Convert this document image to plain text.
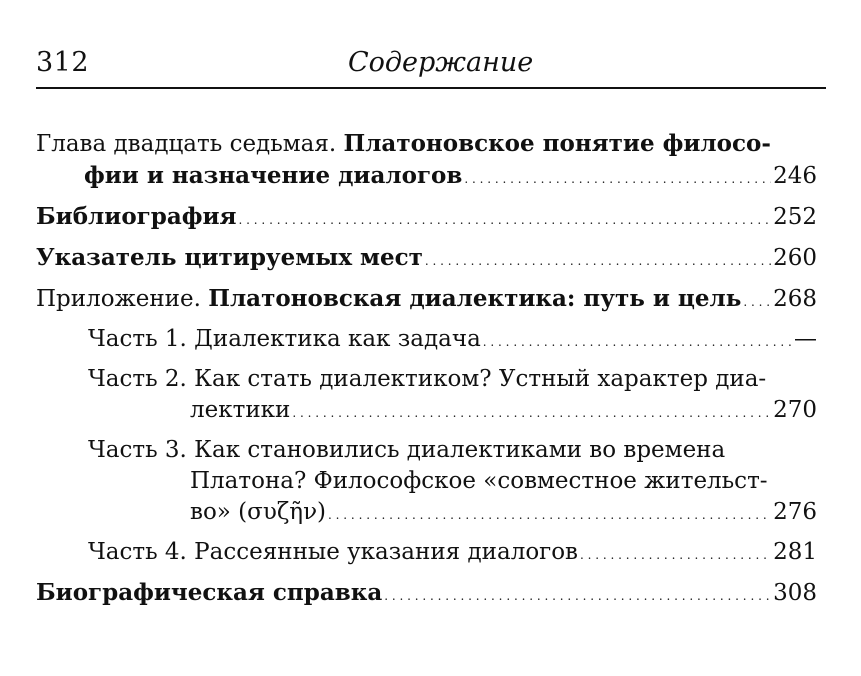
312	Содержание
Глава двадцать седьмая.
Платоновское понятие филосо-
фии и назначение диалогов . . .	246
Библиография . . .	252
Указатель цитируемых мест . . .	260
Приложение.
Платоновская диалектика: путь и цель . . . 268
Часть 1. Диалектика как задача . . .	—
Часть 2. Как стать диалектиком? Устный характер диа-
лектики . . .	270
Часть 3. Как становились диалектиками во времена
Платона? Философское «совместное жительст-
во» (συζῆν) . . .	276
Часть 4. Рассеянные указания диалогов . . .	281
Биографическая справка . . .	308
